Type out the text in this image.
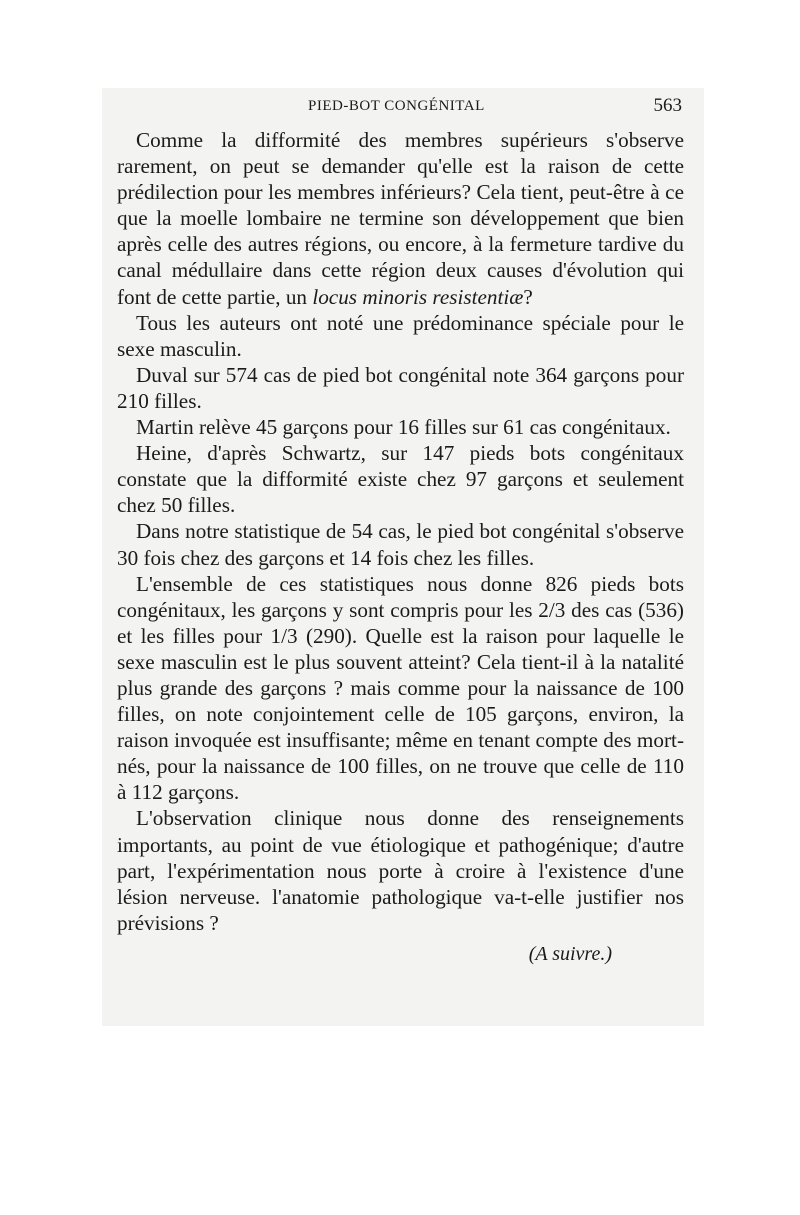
PIED-BOT CONGÉNITAL	563

Comme la difformité des membres supérieurs s'observe rarement, on peut se demander qu'elle est la raison de cette prédilection pour les membres inférieurs? Cela tient, peut-être à ce que la moelle lombaire ne termine son développement que bien après celle des autres régions, ou encore, à la fermeture tardive du canal médullaire dans cette région deux causes d'évolution qui font de cette partie, un locus minoris resistentiæ?

Tous les auteurs ont noté une prédominance spéciale pour le sexe masculin.

Duval sur 574 cas de pied bot congénital note 364 garçons pour 210 filles.

Martin relève 45 garçons pour 16 filles sur 61 cas congénitaux.

Heine, d'après Schwartz, sur 147 pieds bots congénitaux constate que la difformité existe chez 97 garçons et seulement chez 50 filles.

Dans notre statistique de 54 cas, le pied bot congénital s'observe 30 fois chez des garçons et 14 fois chez les filles.

L'ensemble de ces statistiques nous donne 826 pieds bots congénitaux, les garçons y sont compris pour les 2/3 des cas (536) et les filles pour 1/3 (290). Quelle est la raison pour laquelle le sexe masculin est le plus souvent atteint? Cela tient-il à la natalité plus grande des garçons ? mais comme pour la naissance de 100 filles, on note conjointement celle de 105 garçons, environ, la raison invoquée est insuffisante; même en tenant compte des mort-nés, pour la naissance de 100 filles, on ne trouve que celle de 110 à 112 garçons.

L'observation clinique nous donne des renseignements importants, au point de vue étiologique et pathogénique; d'autre part, l'expérimentation nous porte à croire à l'existence d'une lésion nerveuse. l'anatomie pathologique va-t-elle justifier nos prévisions ?

(A suivre.)
